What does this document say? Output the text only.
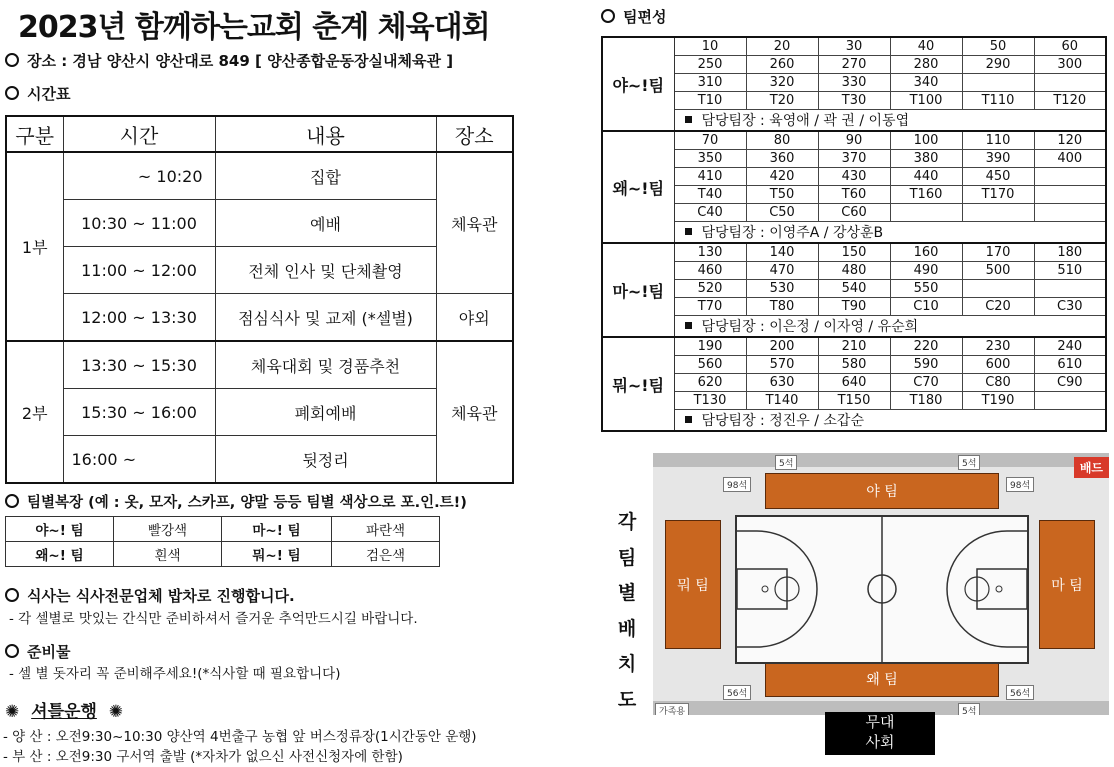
2023년 함께하는교회 춘계 체육대회
장소 : 경남 양산시 양산대로 849 [ 양산종합운동장실내체육관 ]
시간표
구분	시간	내용	장소
1부	~ 10:20	집합	체육관
	10:30 ~ 11:00	예배	
	11:00 ~ 12:00	전체 인사 및 단체촬영	
	12:00 ~ 13:30	점심식사 및 교제 (*셀별)	야외
2부	13:30 ~ 15:30	체육대회 및 경품추천	체육관
	15:30 ~ 16:00	폐회예배	
	16:00 ~	뒷정리	
팀별복장 (예 : 옷, 모자, 스카프, 양말 등등 팀별 색상으로 포.인.트!)
야~! 팀	빨강색	마~! 팀	파란색
왜~! 팀	흰색	뭐~! 팀	검은색
식사는 식사전문업체 밥차로 진행합니다.
- 각 셀별로 맛있는 간식만 준비하셔서 즐거운 추억만드시길 바랍니다.
준비물
- 셀 별 돗자리 꼭 준비해주세요!(*식사할 때 필요합니다)
✺ 셔틀운행 ✺
- 양 산 : 오전9:30~10:30 양산역 4번출구 농협 앞 버스정류장(1시간동안 운행)
- 부 산 : 오전9:30 구서역 출발 (*자차가 없으신 사전신청자에 한함)
팀편성
야~!팀	10	20	30	40	50	60
	250	260	270	280	290	300
	310	320	330	340		
	T10	T20	T30	T100	T110	T120
	담당팀장 : 육영애 / 곽 권 / 이동엽					
왜~!팀	70	80	90	100	110	120
	350	360	370	380	390	400
	410	420	430	440	450	
	T40	T50	T60	T160	T170	
	C40	C50	C60			
	담당팀장 : 이영주A / 강상훈B					
마~!팀	130	140	150	160	170	180
	460	470	480	490	500	510
	520	530	540	550		
	T70	T80	T90	C10	C20	C30
	담당팀장 : 이은정 / 이자영 / 유순희					
뭐~!팀	190	200	210	220	230	240
	560	570	580	590	600	610
	620	630	640	C70	C80	C90
	T130	T140	T150	T180	T190	
	담당팀장 : 정진우 / 소갑순					
각
팀
별
배
치
도
배드
5석	5석
98석	98석
56석	56석
5석
가족용
야 팀
왜 팀
뭐 팀	마 팀
무대
사회
